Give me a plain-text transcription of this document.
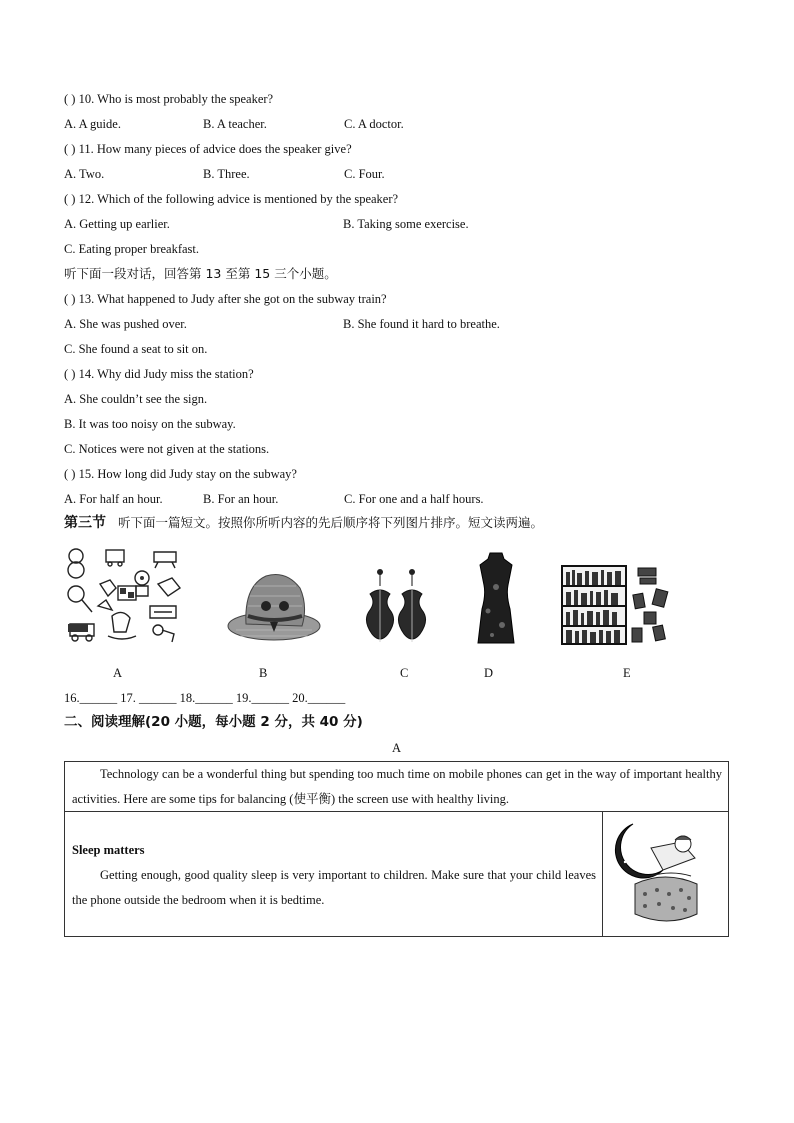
( ) 10. Who is most probably the speaker?
A. A guide.	B. A teacher.	C. A doctor.
( ) 11. How many pieces of advice does the speaker give?
A. Two.	B. Three.	C. Four.
( ) 12. Which of the following advice is mentioned by the speaker?
A. Getting up earlier.	B. Taking some exercise.
C. Eating proper breakfast.
听下面一段对话，回答第 13 至第 15 三个小题。
( ) 13. What happened to Judy after she got on the subway train?
A. She was pushed over.	B. She found it hard to breathe.
C. She found a seat to sit on.
( ) 14. Why did Judy miss the station?
A. She couldn’t see the sign.
B. It was too noisy on the subway.
C. Notices were not given at the stations.
( ) 15. How long did Judy stay on the subway?
A. For half an hour.	B. For an hour.	C. For one and a half hours.
第三节 听下面一篇短文。按照你所听内容的先后顺序将下列图片排序。短文读两遍。
A	B	C	D	E
16.______ 17. ______ 18.______ 19.______ 20.______
二、阅读理解(20 小题，每小题 2 分，共 40 分)
A
Technology can be a wonderful thing but spending too much time on mobile phones can get in the way of important healthy activities. Here are some tips for balancing (使平衡) the screen use with healthy living.
Sleep matters
Getting enough, good quality sleep is very important to children. Make sure that your child leaves the phone outside the bedroom when it is bedtime.
